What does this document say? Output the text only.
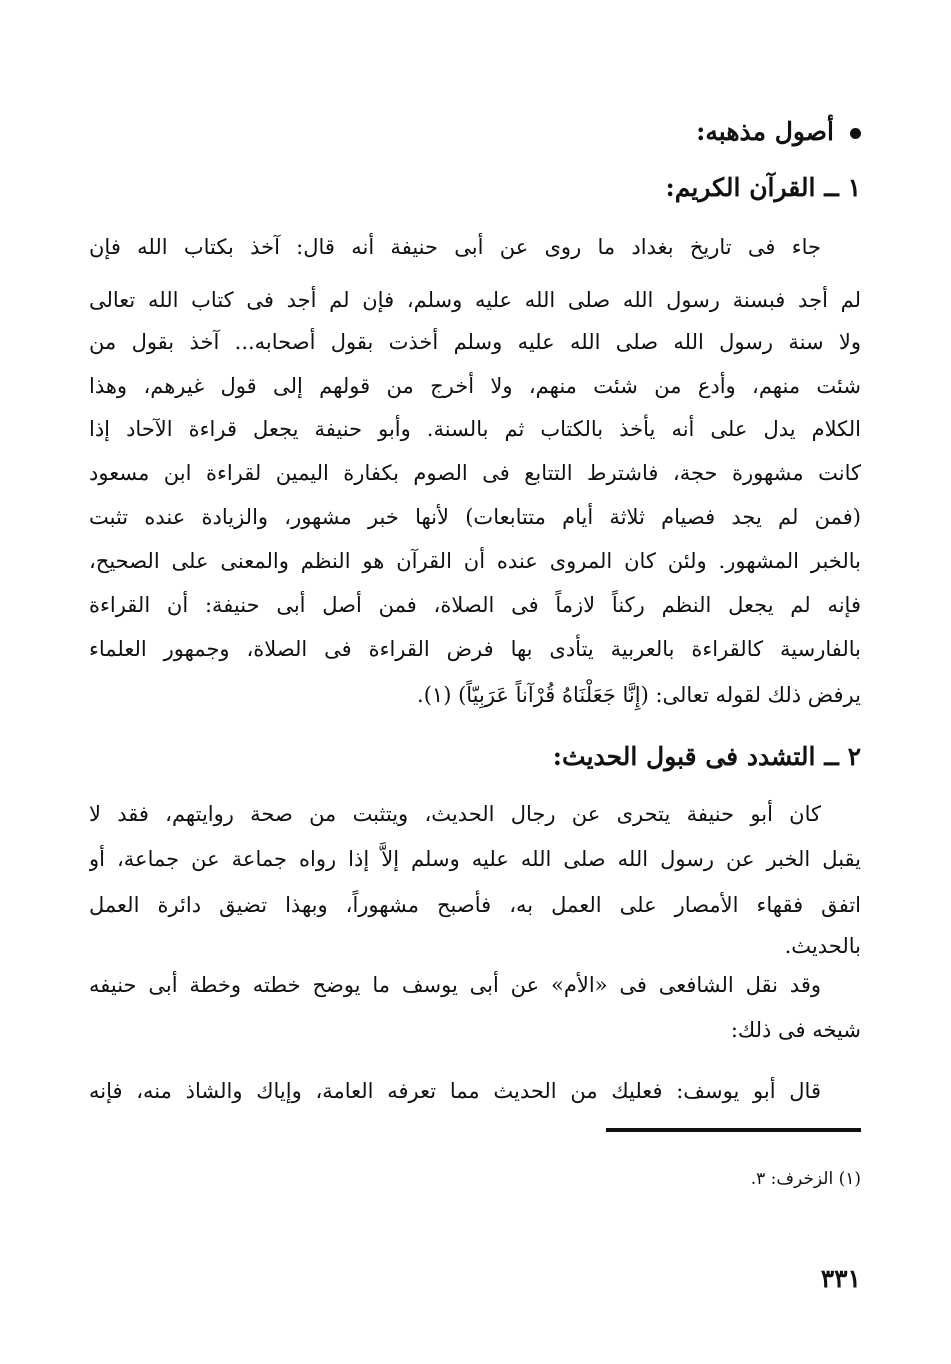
أصول مذهبه:
١ ــ القرآن الكريم:
جاء فى تاريخ بغداد ما روى عن أبى حنيفة أنه قال: آخذ بكتاب الله فإن
لم أجد فبسنة رسول الله صلى الله عليه وسلم، فإن لم أجد فى كتاب الله تعالى
ولا سنة رسول الله صلى الله عليه وسلم أخذت بقول أصحابه... آخذ بقول من
شئت منهم، وأدع من شئت منهم، ولا أخرج من قولهم إلى قول غيرهم، وهذا
الكلام يدل على أنه يأخذ بالكتاب ثم بالسنة. وأبو حنيفة يجعل قراءة الآحاد إذا
كانت مشهورة حجة، فاشترط التتابع فى الصوم بكفارة اليمين لقراءة ابن مسعود
(فمن لم يجد فصيام ثلاثة أيام متتابعات) لأنها خبر مشهور، والزيادة عنده تثبت
بالخبر المشهور. ولئن كان المروى عنده أن القرآن هو النظم والمعنى على الصحيح،
فإنه لم يجعل النظم ركناً لازماً فى الصلاة، فمن أصل أبى حنيفة: أن القراءة
بالفارسية كالقراءة بالعربية يتأدى بها فرض القراءة فى الصلاة، وجمهور العلماء
يرفض ذلك لقوله تعالى: (إِنَّا جَعَلْنَاهُ قُرْآناً عَرَبِيّاً) (١).
٢ ــ التشدد فى قبول الحديث:
كان أبو حنيفة يتحرى عن رجال الحديث، ويتثبت من صحة روايتهم، فقد لا
يقبل الخبر عن رسول الله صلى الله عليه وسلم إلاَّ إذا رواه جماعة عن جماعة، أو
اتفق فقهاء الأمصار على العمل به، فأصبح مشهوراً، وبهذا تضيق دائرة العمل
بالحديث.
وقد نقل الشافعى فى «الأم» عن أبى يوسف ما يوضح خطته وخطة أبى حنيفه
شيخه فى ذلك:
قال أبو يوسف: فعليك من الحديث مما تعرفه العامة، وإياك والشاذ منه، فإنه
(١) الزخرف: ٣.
٣٣١
